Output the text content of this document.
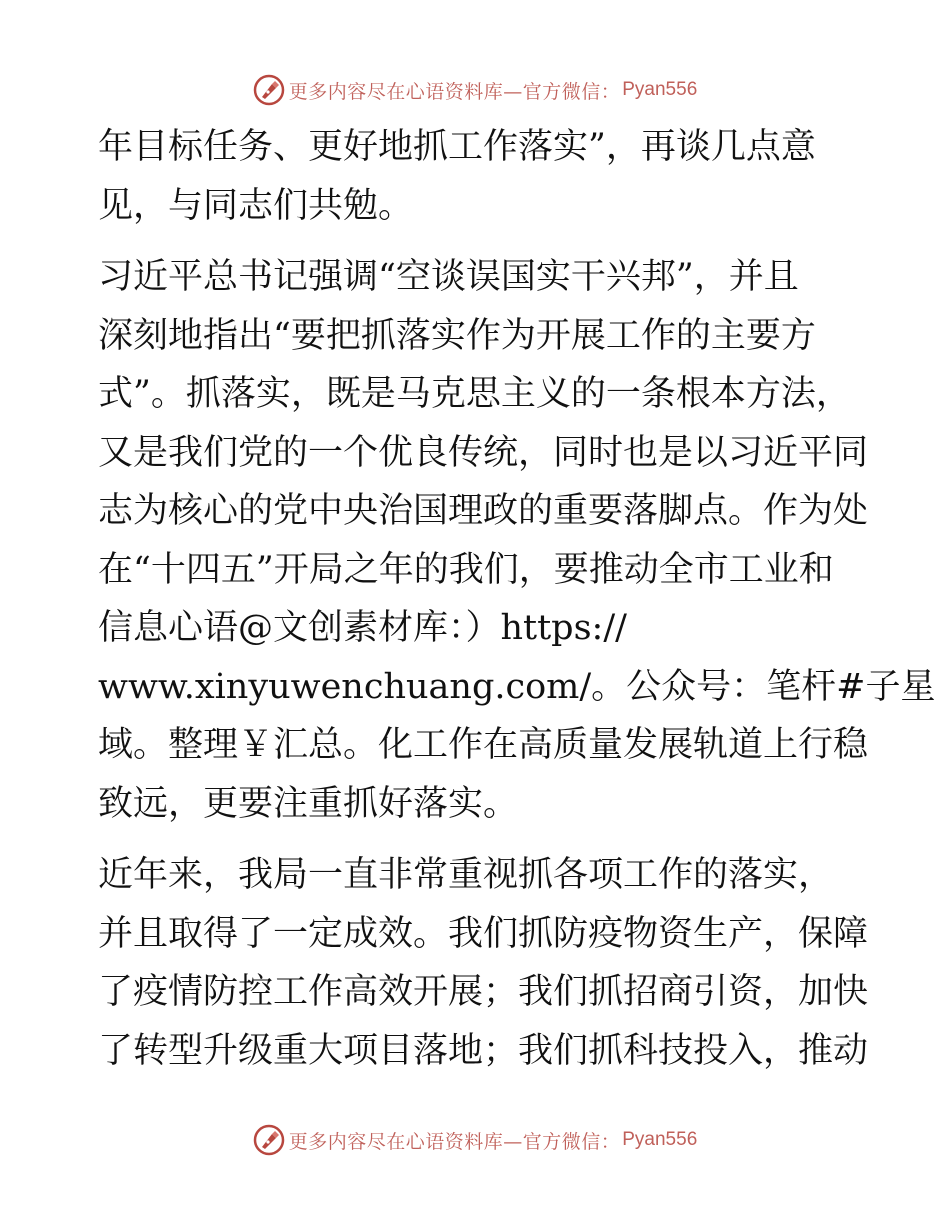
更多内容尽在心语资料库—官方微信： Pyan556

年目标任务、更好地抓工作落实”，再谈几点意
见，与同志们共勉。

习近平总书记强调“空谈误国实干兴邦”，并且
深刻地指出“要把抓落实作为开展工作的主要方
式”。抓落实，既是马克思主义的一条根本方法，
又是我们党的一个优良传统，同时也是以习近平同
志为核心的党中央治国理政的重要落脚点。作为处
在“十四五”开局之年的我们，要推动全市工业和
信息心语@文创素材库：）https://
www.xinyuwenchuang.com/。公众号：笔杆#子星
域。整理￥汇总。化工作在高质量发展轨道上行稳
致远，更要注重抓好落实。

近年来，我局一直非常重视抓各项工作的落实，
并且取得了一定成效。我们抓防疫物资生产，保障
了疫情防控工作高效开展；我们抓招商引资，加快
了转型升级重大项目落地；我们抓科技投入，推动

更多内容尽在心语资料库—官方微信： Pyan556
